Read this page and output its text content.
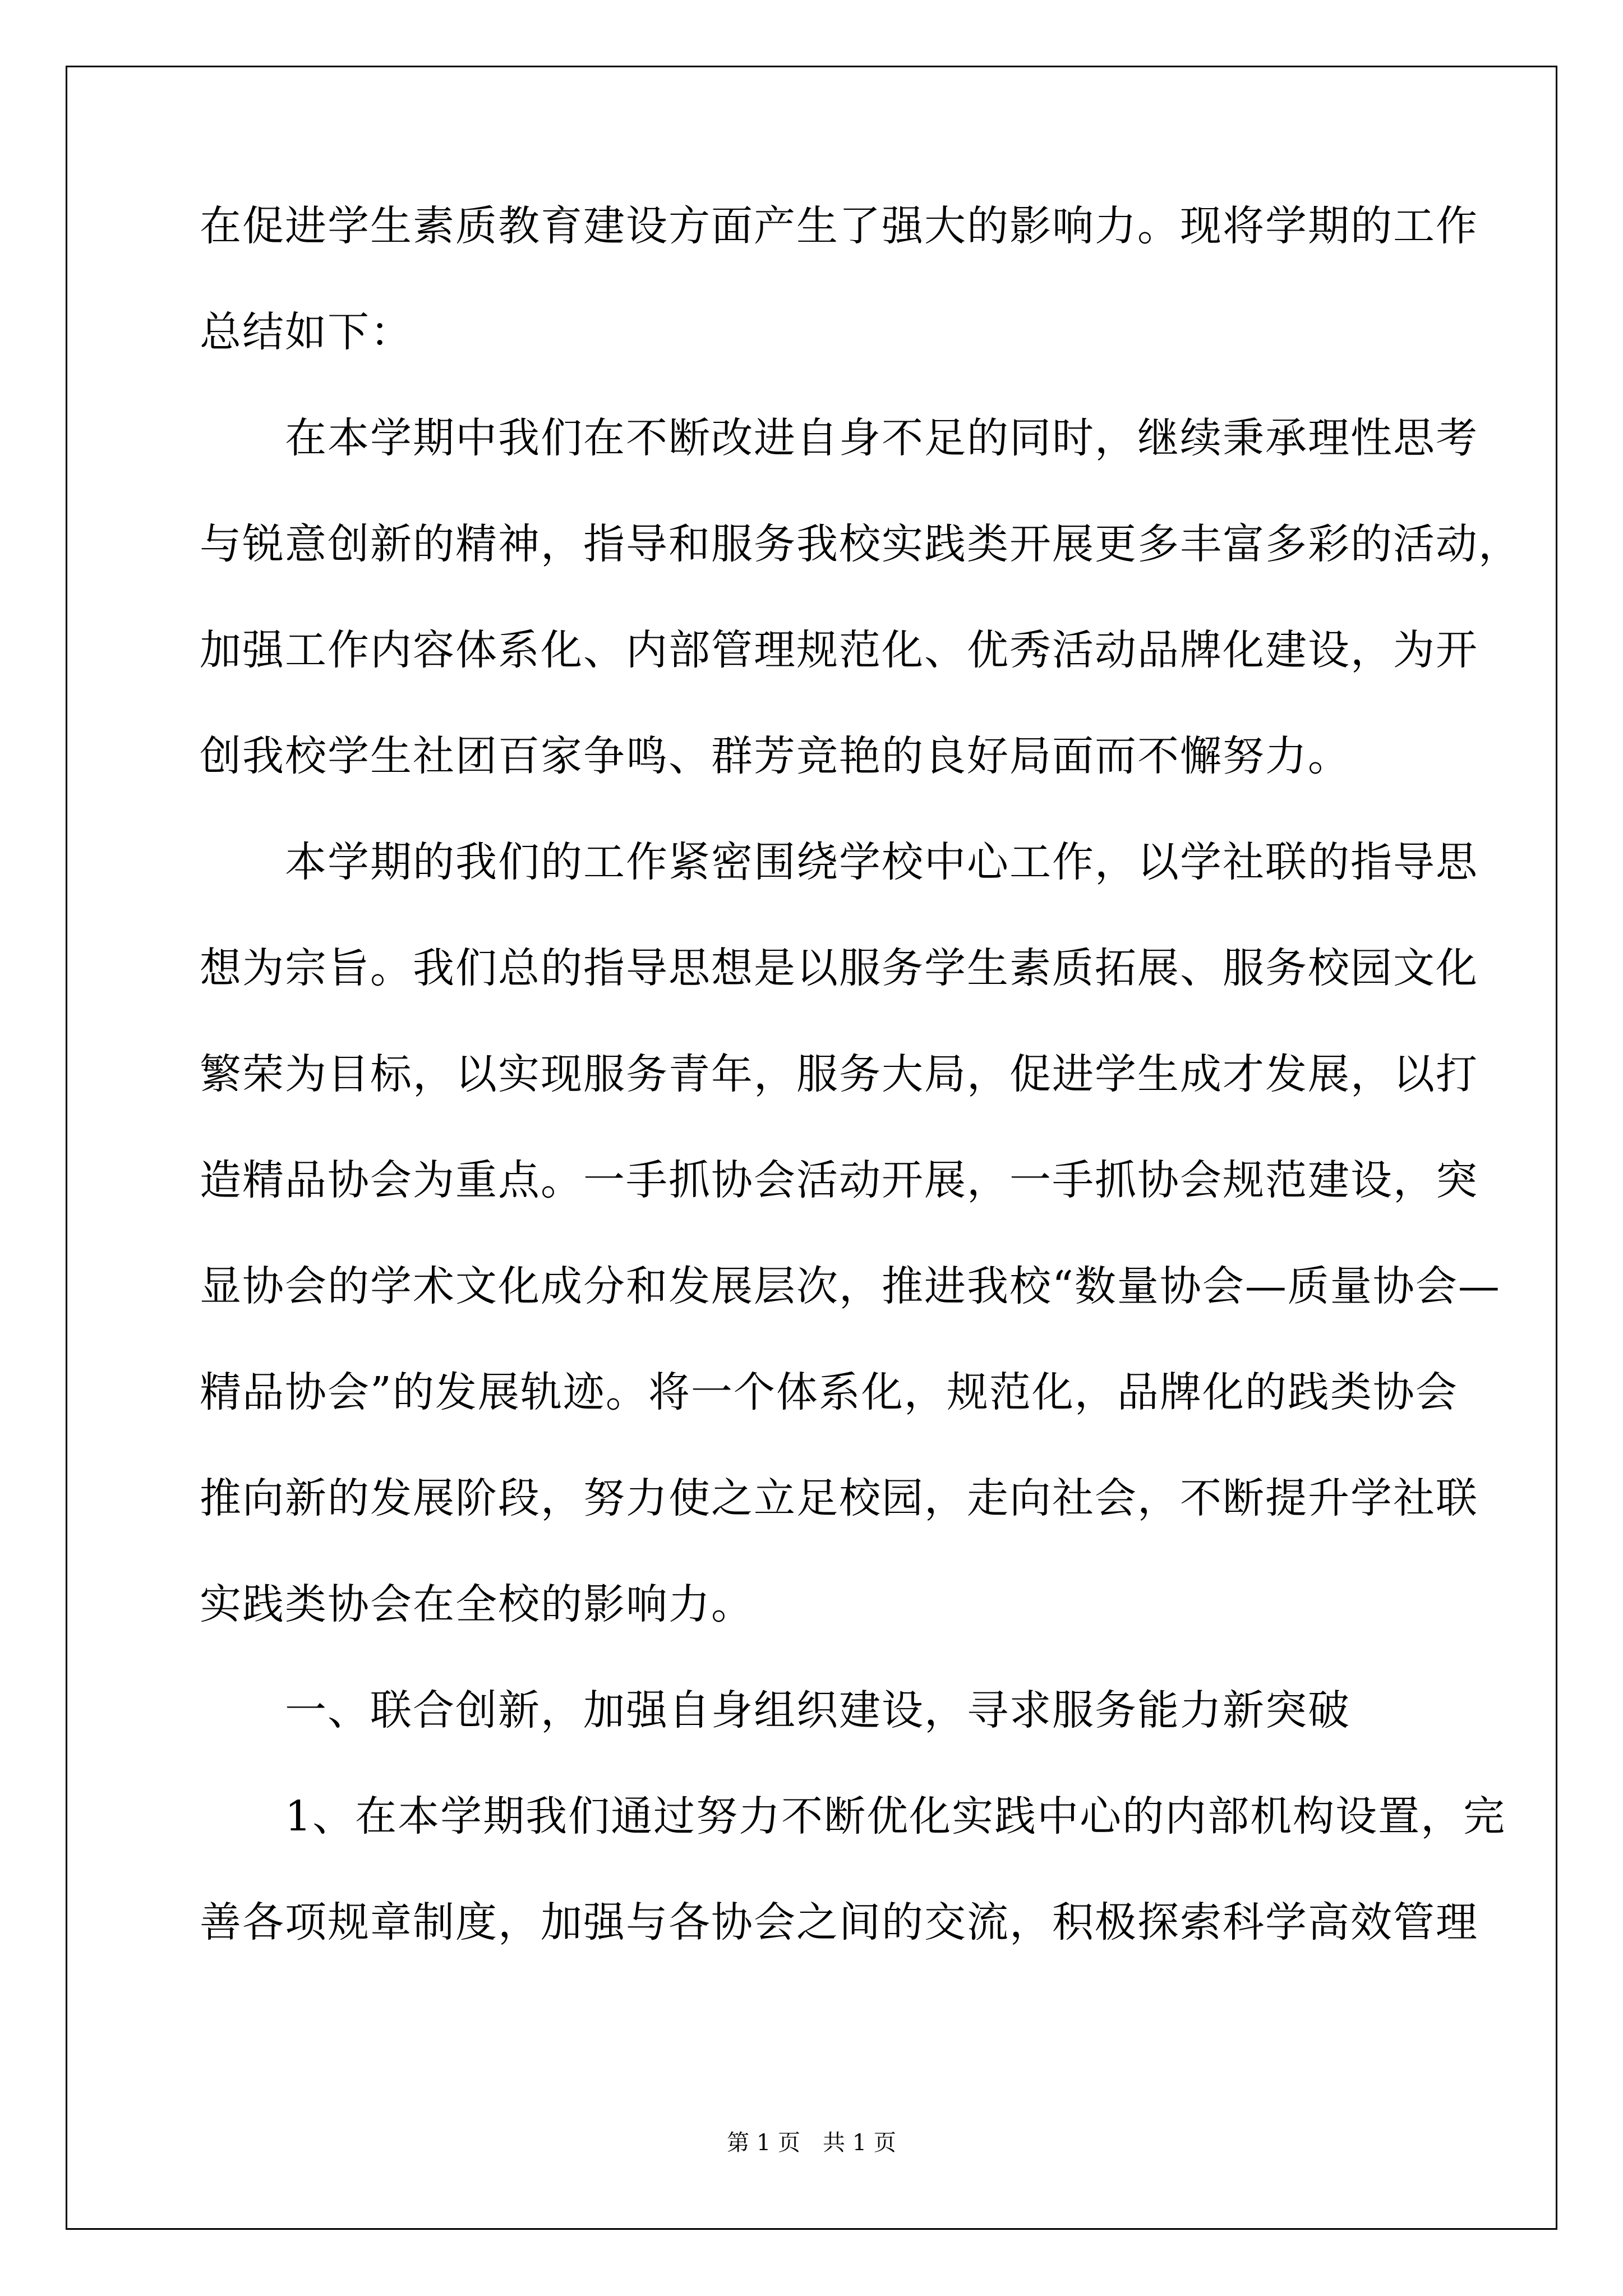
在促进学生素质教育建设方面产生了强大的影响力。现将学期的工作

总结如下：

　　在本学期中我们在不断改进自身不足的同时，继续秉承理性思考

与锐意创新的精神，指导和服务我校实践类开展更多丰富多彩的活动，

加强工作内容体系化、内部管理规范化、优秀活动品牌化建设，为开

创我校学生社团百家争鸣、群芳竞艳的良好局面而不懈努力。

　　本学期的我们的工作紧密围绕学校中心工作，以学社联的指导思

想为宗旨。我们总的指导思想是以服务学生素质拓展、服务校园文化

繁荣为目标，以实现服务青年，服务大局，促进学生成才发展，以打

造精品协会为重点。一手抓协会活动开展，一手抓协会规范建设，突

显协会的学术文化成分和发展层次，推进我校“数量协会—质量协会—

精品协会”的发展轨迹。将一个体系化，规范化，品牌化的践类协会

推向新的发展阶段，努力使之立足校园，走向社会，不断提升学社联

实践类协会在全校的影响力。

　　一、联合创新，加强自身组织建设，寻求服务能力新突破

　　1、在本学期我们通过努力不断优化实践中心的内部机构设置，完

善各项规章制度，加强与各协会之间的交流，积极探索科学高效管理

第 1 页 共 1 页
